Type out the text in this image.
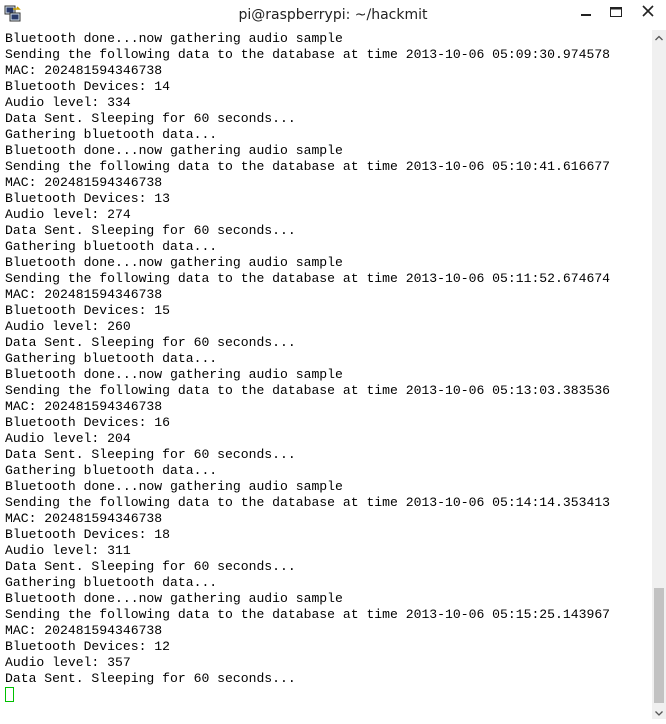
pi@raspberrypi: ~/hackmit
Bluetooth done...now gathering audio sample
Sending the following data to the database at time 2013-10-06 05:09:30.974578
MAC: 202481594346738
Bluetooth Devices: 14
Audio level: 334
Data Sent. Sleeping for 60 seconds...
Gathering bluetooth data...
Bluetooth done...now gathering audio sample
Sending the following data to the database at time 2013-10-06 05:10:41.616677
MAC: 202481594346738
Bluetooth Devices: 13
Audio level: 274
Data Sent. Sleeping for 60 seconds...
Gathering bluetooth data...
Bluetooth done...now gathering audio sample
Sending the following data to the database at time 2013-10-06 05:11:52.674674
MAC: 202481594346738
Bluetooth Devices: 15
Audio level: 260
Data Sent. Sleeping for 60 seconds...
Gathering bluetooth data...
Bluetooth done...now gathering audio sample
Sending the following data to the database at time 2013-10-06 05:13:03.383536
MAC: 202481594346738
Bluetooth Devices: 16
Audio level: 204
Data Sent. Sleeping for 60 seconds...
Gathering bluetooth data...
Bluetooth done...now gathering audio sample
Sending the following data to the database at time 2013-10-06 05:14:14.353413
MAC: 202481594346738
Bluetooth Devices: 18
Audio level: 311
Data Sent. Sleeping for 60 seconds...
Gathering bluetooth data...
Bluetooth done...now gathering audio sample
Sending the following data to the database at time 2013-10-06 05:15:25.143967
MAC: 202481594346738
Bluetooth Devices: 12
Audio level: 357
Data Sent. Sleeping for 60 seconds...
